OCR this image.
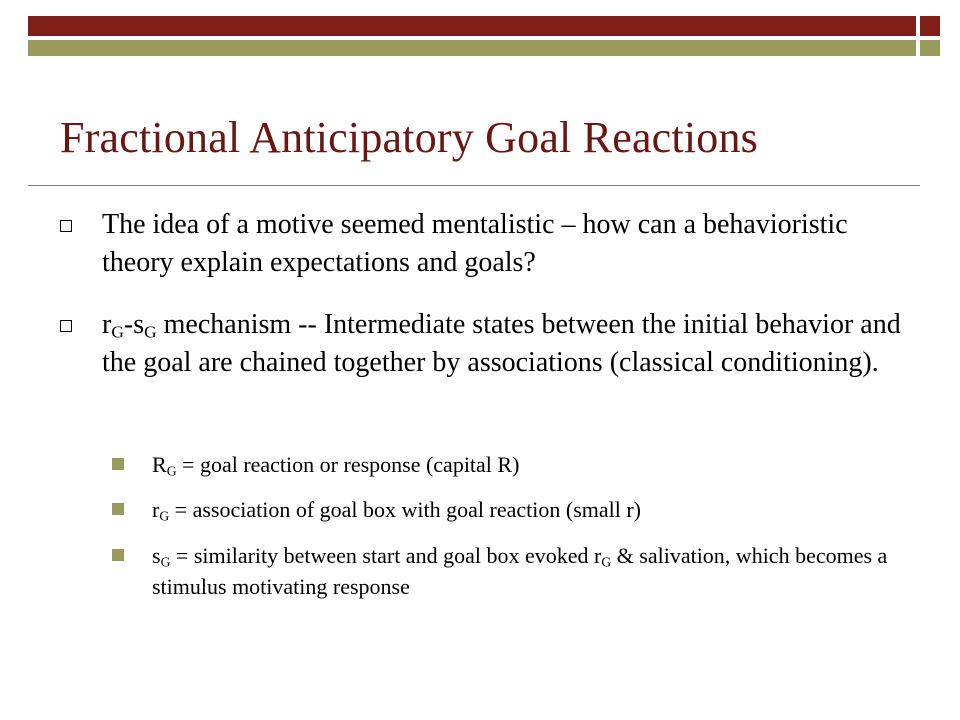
Fractional Anticipatory Goal Reactions
The idea of a motive seemed mentalistic – how can a behavioristic theory explain expectations and goals?
$r_G-s_G$ mechanism -- Intermediate states between the initial behavior and the goal are chained together by associations (classical conditioning).
$R_G$ = goal reaction or response (capital R)
$r_G$ = association of goal box with goal reaction (small r)
$s_G$ = similarity between start and goal box evoked $r_G$ & salivation, which becomes a stimulus motivating response
